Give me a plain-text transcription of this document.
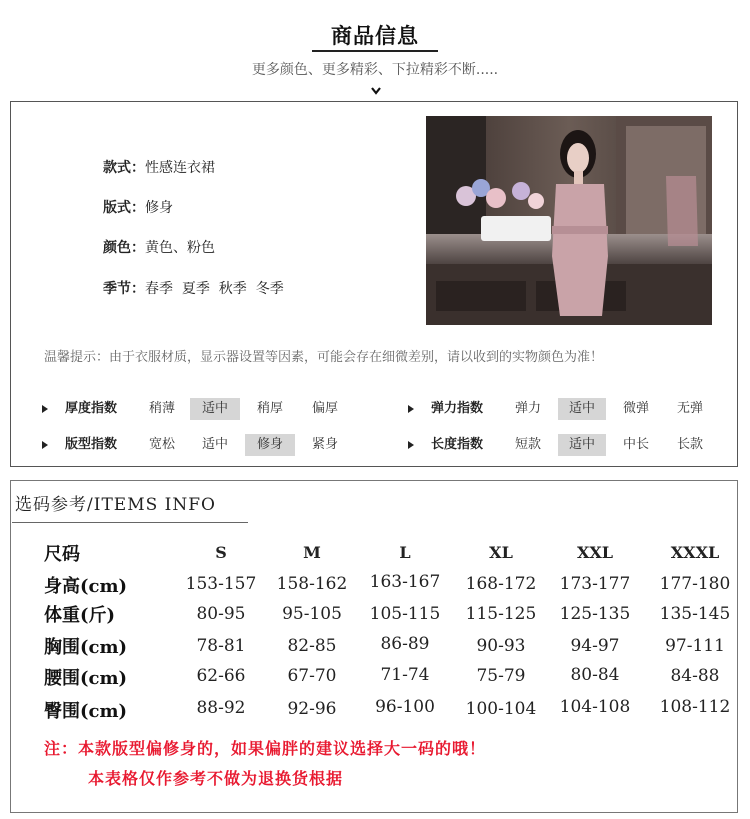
商品信息
更多颜色、更多精彩、下拉精彩不断.....
款式：性感连衣裙
版式：修身
颜色：黄色、粉色
季节：春季  夏季  秋季  冬季
温馨提示：由于衣服材质，显示器设置等因素，可能会存在细微差别，请以收到的实物颜色为准！
厚度指数	稍薄	适中	稍厚	偏厚
版型指数	宽松	适中	修身	紧身
弹力指数	弹力	适中	微弹	无弹
长度指数	短款	适中	中长	长款
选码参考/ITEMS INFO
尺码	S	M	L	XL	XXL	XXXL
身高(cm)	153-157	158-162	163-167	168-172	173-177	177-180
体重(斤)	80-95	95-105	105-115	115-125	125-135	135-145
胸围(cm)	78-81	82-85	86-89	90-93	94-97	97-111
腰围(cm)	62-66	67-70	71-74	75-79	80-84	84-88
臀围(cm)	88-92	92-96	96-100	100-104	104-108	108-112
注：本款版型偏修身的，如果偏胖的建议选择大一码的哦！
本表格仅作参考不做为退换货根据
